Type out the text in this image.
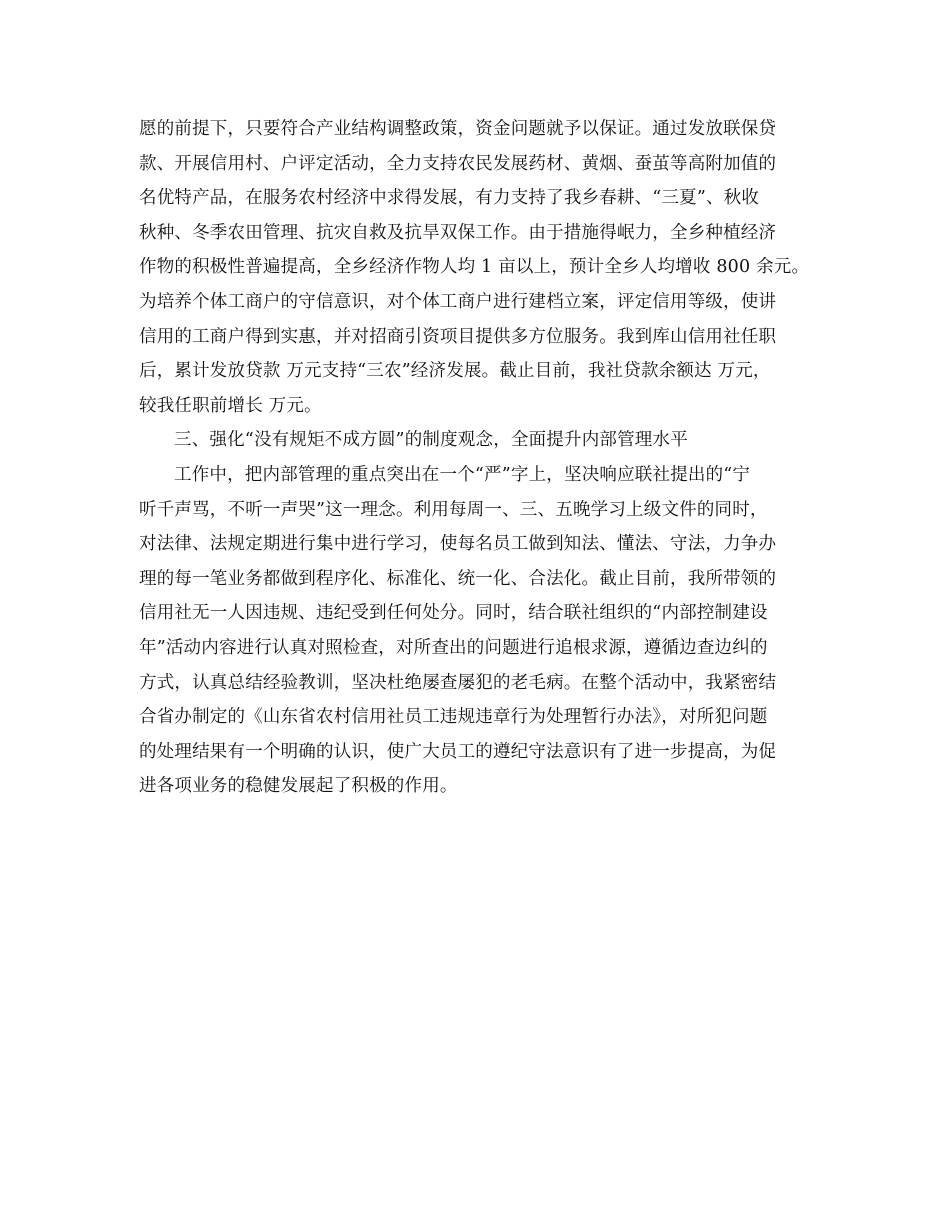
愿的前提下，只要符合产业结构调整政策，资金问题就予以保证。通过发放联保贷
款、开展信用村、户评定活动，全力支持农民发展药材、黄烟、蚕茧等高附加值的
名优特产品，在服务农村经济中求得发展，有力支持了我乡春耕、“三夏”、秋收
秋种、冬季农田管理、抗灾自救及抗旱双保工作。由于措施得岷力，全乡种植经济
作物的积极性普遍提高，全乡经济作物人均 1 亩以上，预计全乡人均增收 800 余元。
为培养个体工商户的守信意识，对个体工商户进行建档立案，评定信用等级，使讲
信用的工商户得到实惠，并对招商引资项目提供多方位服务。我到库山信用社任职
后，累计发放贷款 万元支持“三农”经济发展。截止目前，我社贷款余额达 万元，
较我任职前增长 万元。
三、强化“没有规矩不成方圆”的制度观念，全面提升内部管理水平
工作中，把内部管理的重点突出在一个“严”字上，坚决响应联社提出的“宁
听千声骂，不听一声哭”这一理念。利用每周一、三、五晚学习上级文件的同时，
对法律、法规定期进行集中进行学习，使每名员工做到知法、懂法、守法，力争办
理的每一笔业务都做到程序化、标准化、统一化、合法化。截止目前，我所带领的
信用社无一人因违规、违纪受到任何处分。同时，结合联社组织的“内部控制建设
年”活动内容进行认真对照检查，对所查出的问题进行追根求源，遵循边查边纠的
方式，认真总结经验教训，坚决杜绝屡查屡犯的老毛病。在整个活动中，我紧密结
合省办制定的《山东省农村信用社员工违规违章行为处理暂行办法》，对所犯问题
的处理结果有一个明确的认识，使广大员工的遵纪守法意识有了进一步提高，为促
进各项业务的稳健发展起了积极的作用。
